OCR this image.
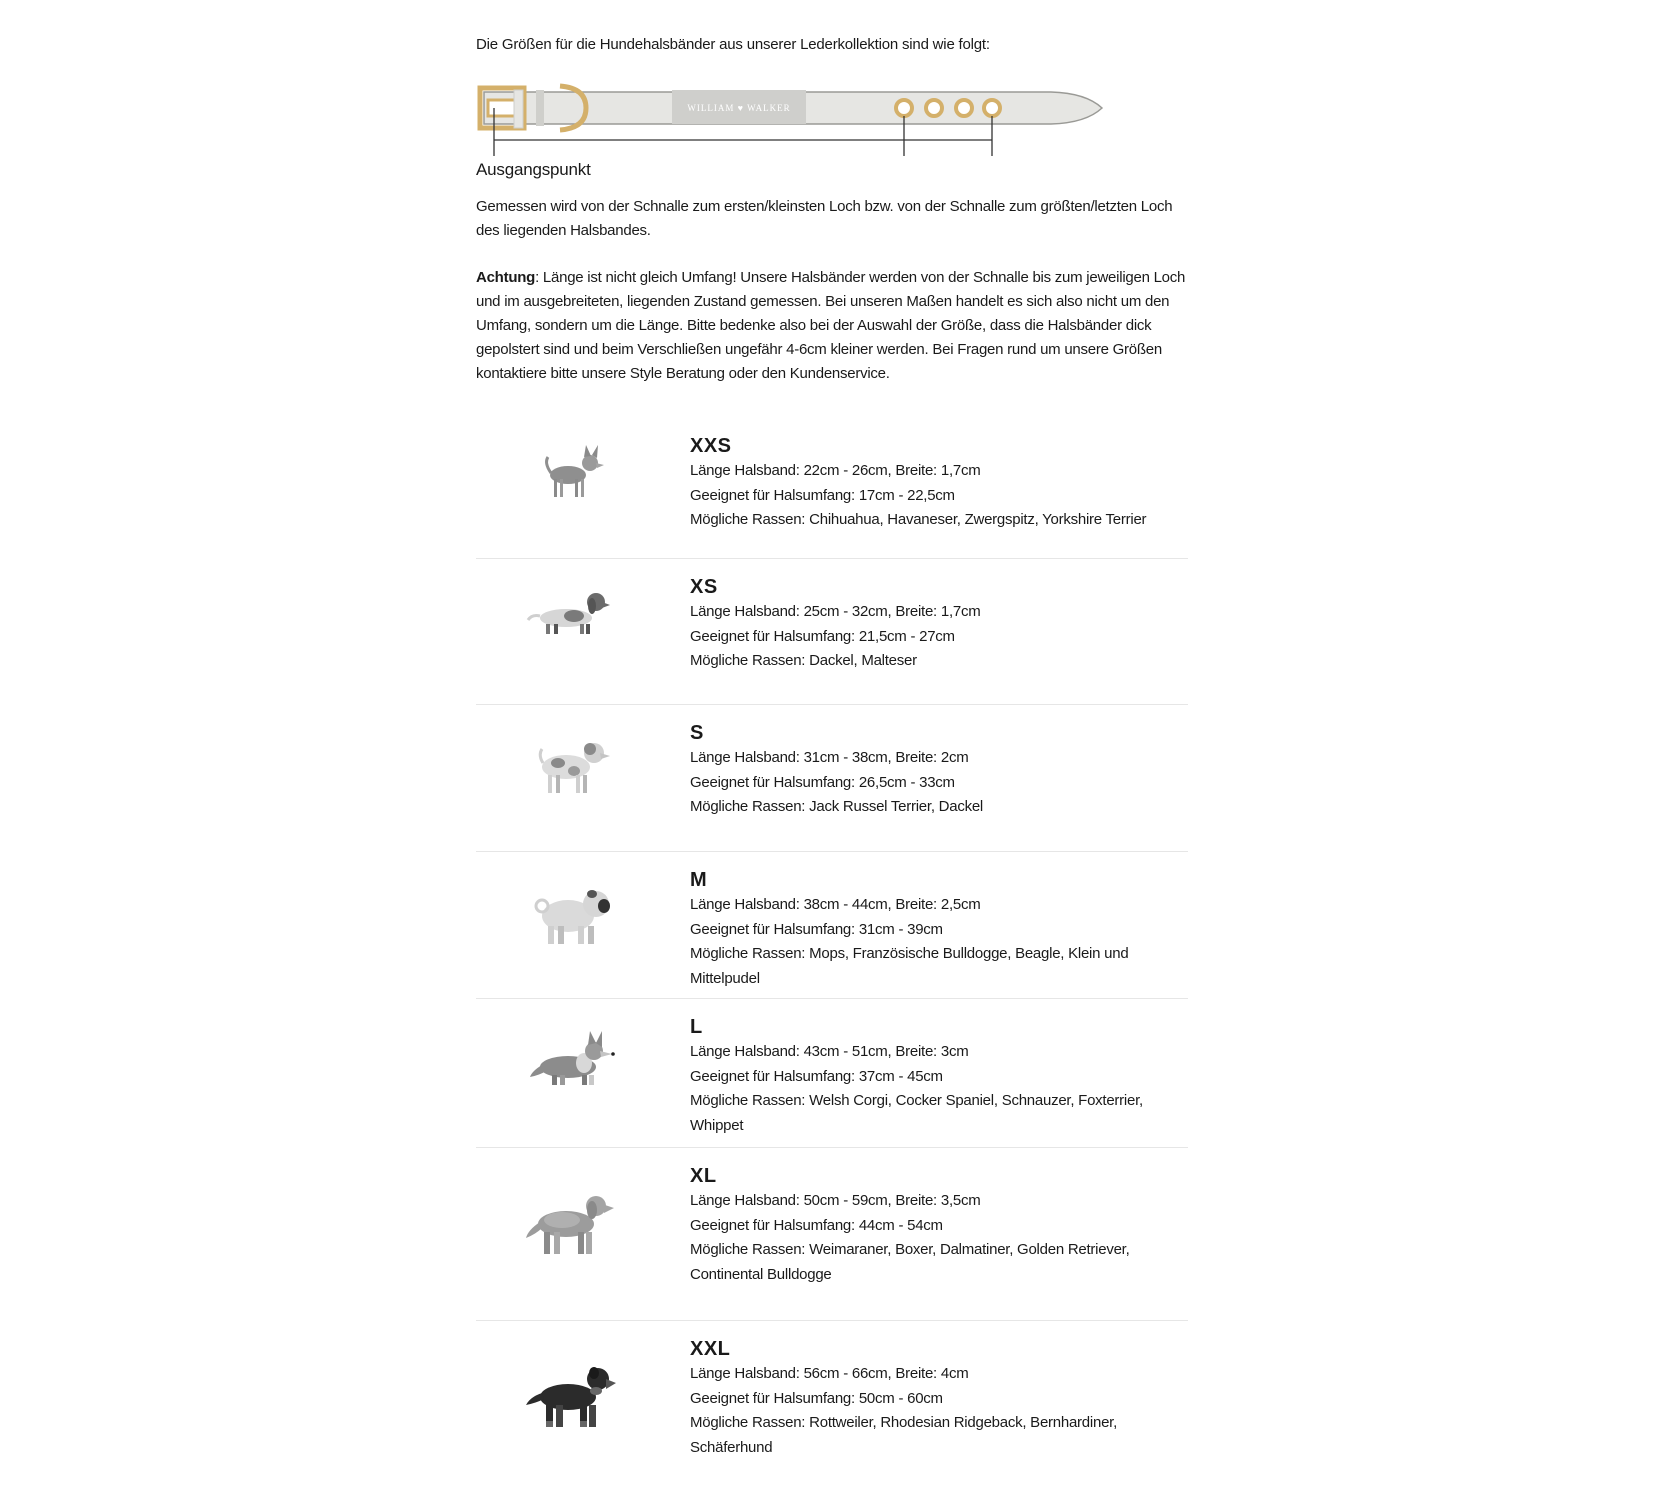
Die Größen für die Hundehalsbänder aus unserer Lederkollektion sind wie folgt:
WILLIAM ♥ WALKER
Ausgangspunkt
Gemessen wird von der Schnalle zum ersten/kleinsten Loch bzw. von der Schnalle zum größten/letzten Loch des liegenden Halsbandes.
Achtung: Länge ist nicht gleich Umfang! Unsere Halsbänder werden von der Schnalle bis zum jeweiligen Loch und im ausgebreiteten, liegenden Zustand gemessen. Bei unseren Maßen handelt es sich also nicht um den Umfang, sondern um die Länge. Bitte bedenke also bei der Auswahl der Größe, dass die Halsbänder dick gepolstert sind und beim Verschließen ungefähr 4-6cm kleiner werden. Bei Fragen rund um unsere Größen kontaktiere bitte unsere Style Beratung oder den Kundenservice.
XXS
Länge Halsband: 22cm - 26cm, Breite: 1,7cm
Geeignet für Halsumfang: 17cm - 22,5cm
Mögliche Rassen: Chihuahua, Havaneser, Zwergspitz, Yorkshire Terrier
XS
Länge Halsband: 25cm - 32cm, Breite: 1,7cm
Geeignet für Halsumfang: 21,5cm - 27cm
Mögliche Rassen: Dackel, Malteser
S
Länge Halsband: 31cm - 38cm, Breite: 2cm
Geeignet für Halsumfang: 26,5cm - 33cm
Mögliche Rassen: Jack Russel Terrier, Dackel
M
Länge Halsband: 38cm - 44cm, Breite: 2,5cm
Geeignet für Halsumfang: 31cm - 39cm
Mögliche Rassen: Mops, Französische Bulldogge, Beagle, Klein und Mittelpudel
L
Länge Halsband: 43cm - 51cm, Breite: 3cm
Geeignet für Halsumfang: 37cm - 45cm
Mögliche Rassen: Welsh Corgi, Cocker Spaniel, Schnauzer, Foxterrier, Whippet
XL
Länge Halsband: 50cm - 59cm, Breite: 3,5cm
Geeignet für Halsumfang: 44cm - 54cm
Mögliche Rassen: Weimaraner, Boxer, Dalmatiner, Golden Retriever, Continental Bulldogge
XXL
Länge Halsband: 56cm - 66cm, Breite: 4cm
Geeignet für Halsumfang: 50cm - 60cm
Mögliche Rassen: Rottweiler, Rhodesian Ridgeback, Bernhardiner, Schäferhund
